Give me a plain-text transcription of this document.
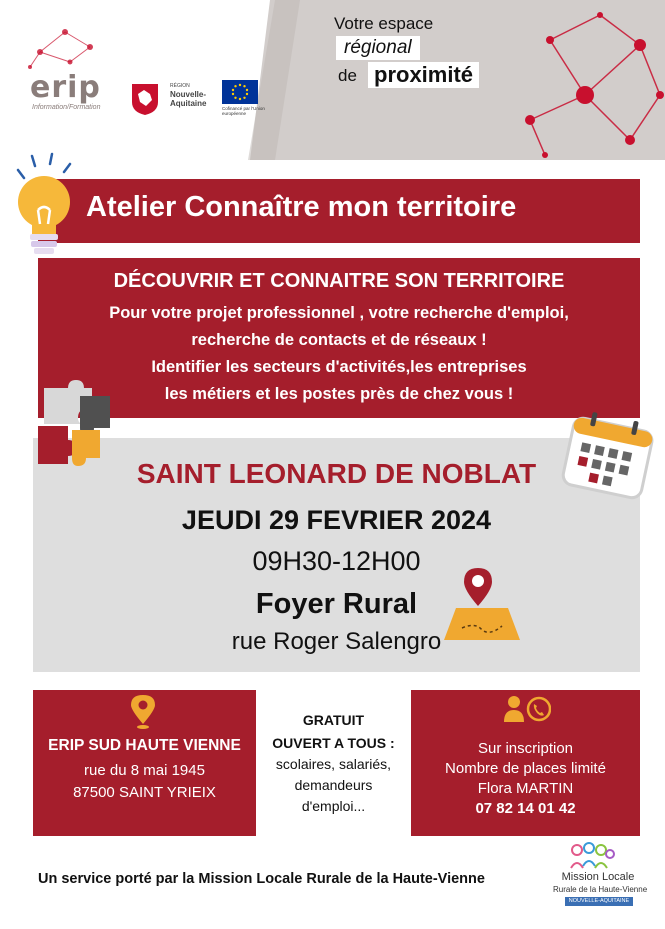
erip
Information/Formation
RÉGION
Nouvelle-
Aquitaine
Cofinancé par l'Union européenne
Votre espace
régional
de proximité
Atelier Connaître mon territoire
DÉCOUVRIR ET CONNAITRE SON TERRITOIRE
Pour votre projet professionnel , votre recherche d'emploi,
recherche de contacts et de réseaux !
Identifier les secteurs d'activités,les entreprises
les métiers et les postes près de chez vous !
SAINT LEONARD DE NOBLAT
JEUDI 29 FEVRIER 2024
09H30-12H00
Foyer Rural
rue Roger Salengro
ERIP SUD HAUTE VIENNE
rue du 8 mai 1945
87500 SAINT YRIEIX
GRATUIT
OUVERT A TOUS :
scolaires, salariés,
demandeurs
d'emploi...
Sur inscription
Nombre de places limité
Flora MARTIN
07 82 14 01 42
Un service porté par la Mission Locale Rurale de la Haute-Vienne	Mission Locale
Rurale de la Haute-Vienne
NOUVELLE-AQUITAINE
